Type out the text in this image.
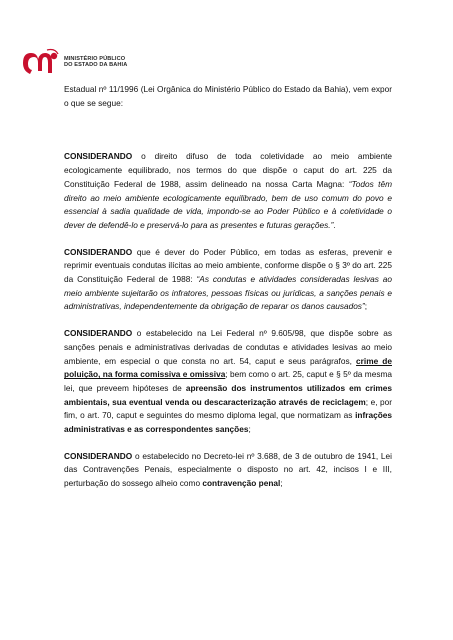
MINISTÉRIO PÚBLICO
DO ESTADO DA BAHIA

Estadual nº 11/1996 (Lei Orgânica do Ministério Público do Estado da Bahia), vem expor o que se segue:

CONSIDERANDO o direito difuso de toda coletividade ao meio ambiente ecologicamente equilibrado, nos termos do que dispõe o caput do art. 225 da Constituição Federal de 1988, assim delineado na nossa Carta Magna: “Todos têm direito ao meio ambiente ecologicamente equilibrado, bem de uso comum do povo e essencial à sadia qualidade de vida, impondo-se ao Poder Público e à coletividade o dever de defendê-lo e preservá-lo para as presentes e futuras gerações.”.

CONSIDERANDO que é dever do Poder Público, em todas as esferas, prevenir e reprimir eventuais condutas ilícitas ao meio ambiente, conforme dispõe o § 3º do art. 225 da Constituição Federal de 1988: “As condutas e atividades consideradas lesivas ao meio ambiente sujeitarão os infratores, pessoas físicas ou jurídicas, a sanções penais e administrativas, independentemente da obrigação de reparar os danos causados”;

CONSIDERANDO o estabelecido na Lei Federal nº 9.605/98, que dispõe sobre as sanções penais e administrativas derivadas de condutas e atividades lesivas ao meio ambiente, em especial o que consta no art. 54, caput e seus parágrafos, crime de poluição, na forma comissiva e omissiva; bem como o art. 25, caput e § 5º da mesma lei, que preveem hipóteses de apreensão dos instrumentos utilizados em crimes ambientais, sua eventual venda ou descaracterização através de reciclagem; e, por fim, o art. 70, caput e seguintes do mesmo diploma legal, que normatizam as infrações administrativas e as correspondentes sanções;

CONSIDERANDO o estabelecido no Decreto-lei nº 3.688, de 3 de outubro de 1941, Lei das Contravenções Penais, especialmente o disposto no art. 42, incisos I e III, perturbação do sossego alheio como contravenção penal;
